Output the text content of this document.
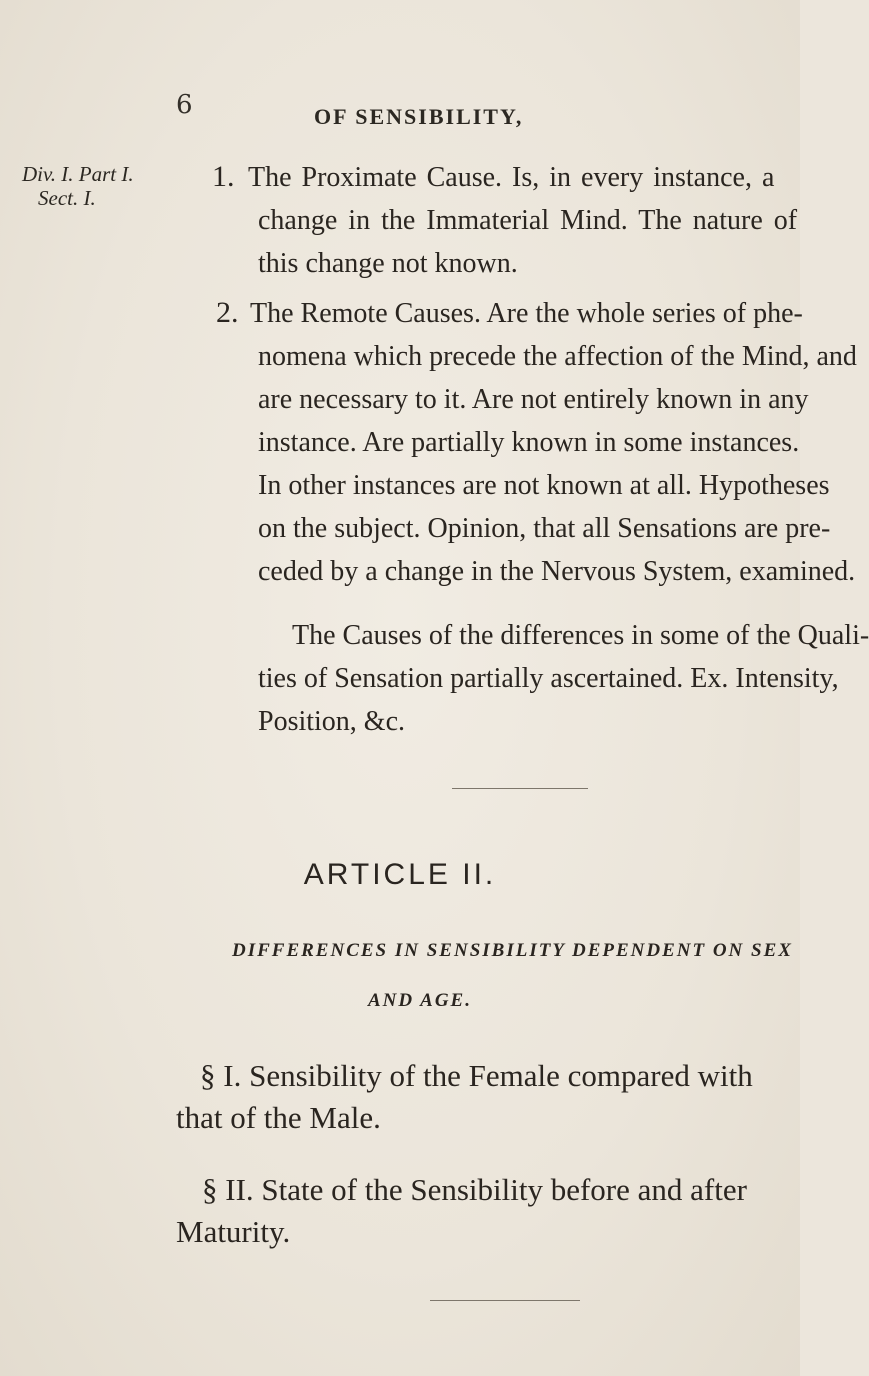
6	OF SENSIBILITY,
Div. I. Part I.
Sect. I.
1. The Proximate Cause. Is, in every instance, a
change in the Immaterial Mind. The nature of
this change not known.
2. The Remote Causes. Are the whole series of phe-
nomena which precede the affection of the Mind, and
are necessary to it. Are not entirely known in any
instance. Are partially known in some instances.
In other instances are not known at all. Hypotheses
on the subject. Opinion, that all Sensations are pre-
ceded by a change in the Nervous System, examined.
The Causes of the differences in some of the Quali-
ties of Sensation partially ascertained. Ex. Intensity,
Position, &c.
ARTICLE II.
DIFFERENCES IN SENSIBILITY DEPENDENT ON SEX
AND AGE.
§ I. Sensibility of the Female compared with
that of the Male.
§ II. State of the Sensibility before and after
Maturity.
